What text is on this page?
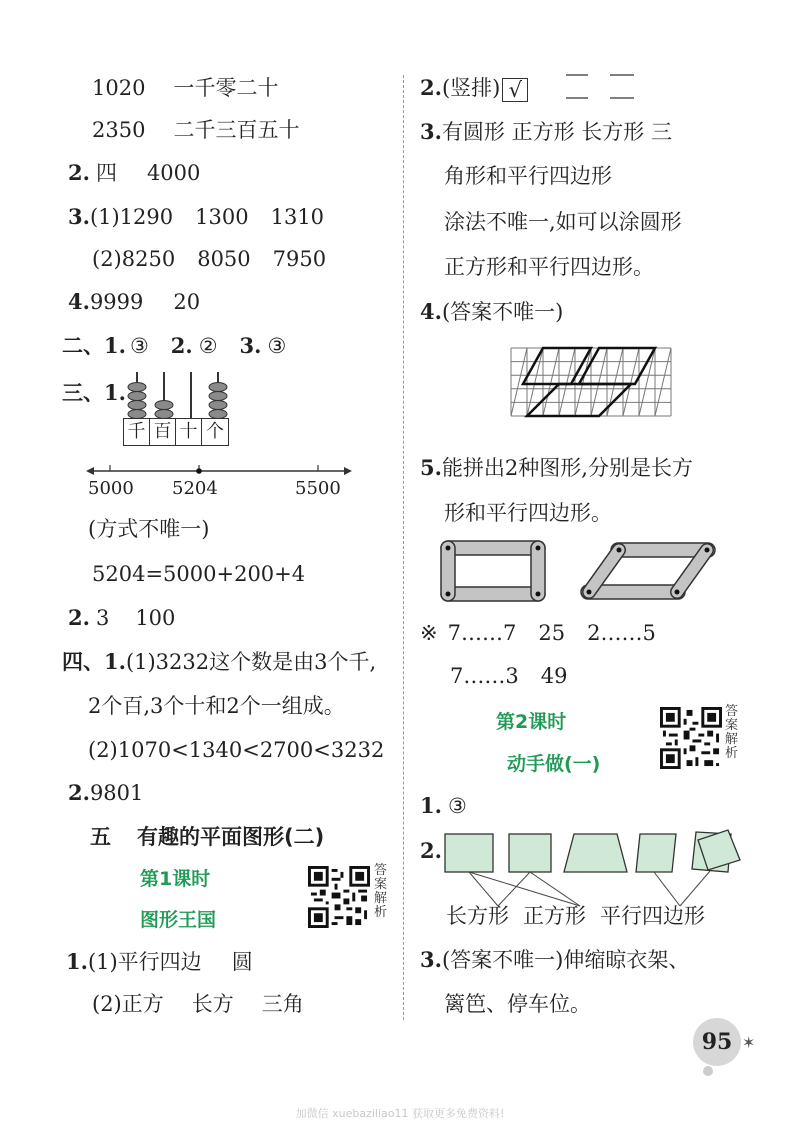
1020 一千零二十
2350 二千三百五十
2. 四 4000
3.(1)1290 1300 1310
(2)8250 8050 7950
4.9999 20
二、1. ③ 2. ② 3. ③
三、1.
千 百 十 个
5000 5204	5500
(方式不唯一)
5204=5000+200+4
2. 3 100
四、1.(1)3232这个数是由3个千,
2个百,3个十和2个一组成。
(2)1070<1340<2700<3232
2.9801
五 有趣的平面图形(二)
第1课时
图形王国
答案解析
1.(1)平行四边 圆
(2)正方 长方 三角
2.(竖排) √
3.有圆形 正方形 长方形 三
角形和平行四边形
涂法不唯一,如可以涂圆形
正方形和平行四边形。
4.(答案不唯一)
5.能拼出2种图形,分别是长方
形和平行四边形。
※ 7……7 25 2……5
7……3 49
第2课时
动手做(一)
答案解析
1. ③
2.
长方形 正方形 平行四边形
3.(答案不唯一)伸缩晾衣架、
篱笆、停车位。
95 ✶
加微信 xuebaziliao11 获取更多免费资料!
